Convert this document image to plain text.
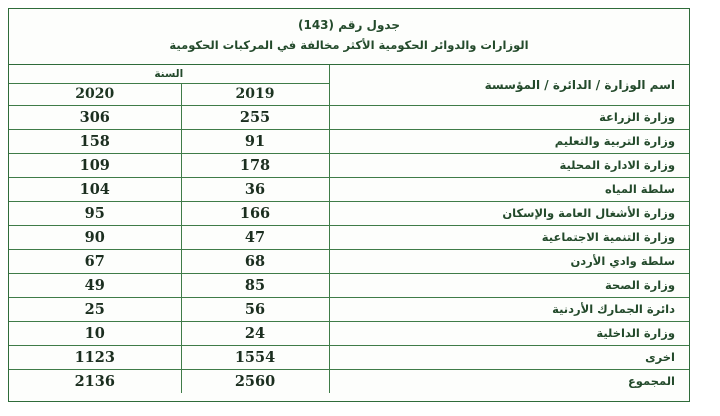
جدول رقم (143)
الوزارات والدوائر الحكومية الأكثر مخالفة في المركبات الحكومية
السنة		اسم الوزارة / الدائرة / المؤسسة
2020	2019	
306	255	وزارة الزراعة
158	91	وزارة التربية والتعليم
109	178	وزارة الادارة المحلية
104	36	سلطة المياه
95	166	وزارة الأشغال العامة والإسكان
90	47	وزارة التنمية الاجتماعية
67	68	سلطة وادي الأردن
49	85	وزارة الصحة
25	56	دائرة الجمارك الأردنية
10	24	وزارة الداخلية
1123	1554	اخرى
2136	2560	المجموع
